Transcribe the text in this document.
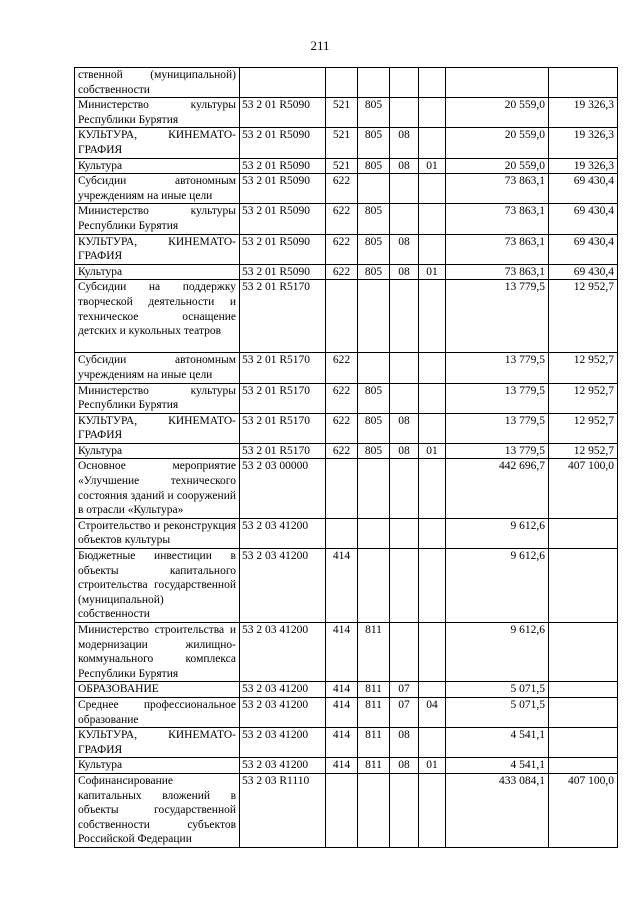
211
ственной (муниципальной) собственности							
Министерство культуры Республики Бурятия	53 2 01 R5090	521	805			20 559,0	19 326,3
КУЛЬТУРА, КИНЕМАТО-ГРАФИЯ	53 2 01 R5090	521	805	08		20 559,0	19 326,3
Культура	53 2 01 R5090	521	805	08	01	20 559,0	19 326,3
Субсидии автономным учреждениям на иные цели	53 2 01 R5090	622				73 863,1	69 430,4
Министерство культуры Республики Бурятия	53 2 01 R5090	622	805			73 863,1	69 430,4
КУЛЬТУРА, КИНЕМАТО-ГРАФИЯ	53 2 01 R5090	622	805	08		73 863,1	69 430,4
Культура	53 2 01 R5090	622	805	08	01	73 863,1	69 430,4
Субсидии на поддержку творческой деятельности и техническое оснащение детских и кукольных театров	53 2 01 R5170					13 779,5	12 952,7
Субсидии автономным учреждениям на иные цели	53 2 01 R5170	622				13 779,5	12 952,7
Министерство культуры Республики Бурятия	53 2 01 R5170	622	805			13 779,5	12 952,7
КУЛЬТУРА, КИНЕМАТО-ГРАФИЯ	53 2 01 R5170	622	805	08		13 779,5	12 952,7
Культура	53 2 01 R5170	622	805	08	01	13 779,5	12 952,7
Основное мероприятие «Улучшение технического состояния зданий и сооружений в отрасли «Культура»	53 2 03 00000					442 696,7	407 100,0
Строительство и реконструкция объектов культуры	53 2 03 41200					9 612,6	
Бюджетные инвестиции в объекты капитального строительства государственной (муниципальной) собственности	53 2 03 41200	414				9 612,6	
Министерство строительства и модернизации жилищно-коммунального комплекса Республики Бурятия	53 2 03 41200	414	811			9 612,6	
ОБРАЗОВАНИЕ	53 2 03 41200	414	811	07		5 071,5	
Среднее профессиональное образование	53 2 03 41200	414	811	07	04	5 071,5	
КУЛЬТУРА, КИНЕМАТО-ГРАФИЯ	53 2 03 41200	414	811	08		4 541,1	
Культура	53 2 03 41200	414	811	08	01	4 541,1	
Софинансирование капитальных вложений в объекты государственной собственности субъектов Российской Федерации	53 2 03 R1110					433 084,1	407 100,0
